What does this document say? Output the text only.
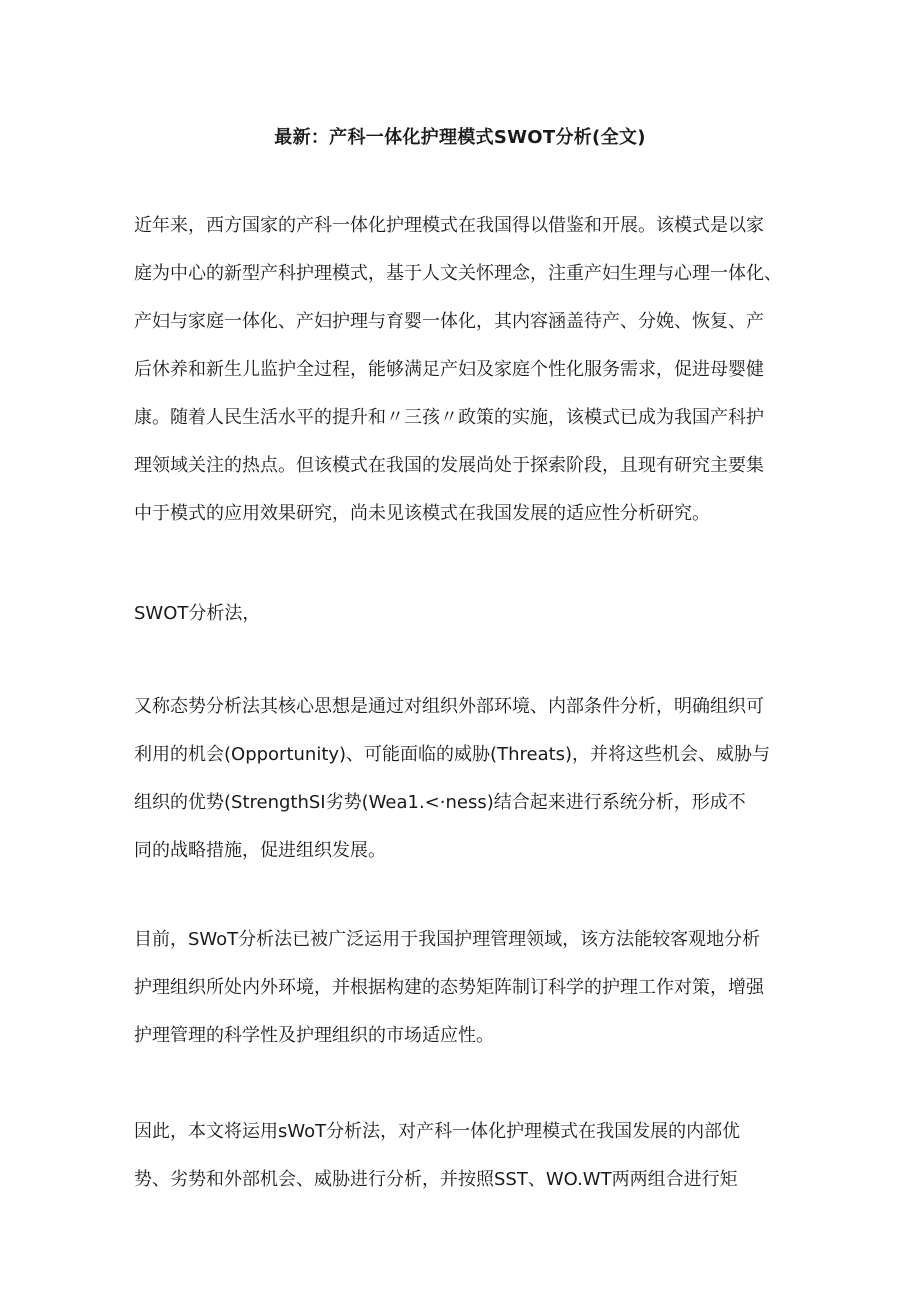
最新：产科一体化护理模式SWOT分析(全文)

近年来，西方国家的产科一体化护理模式在我国得以借鉴和开展。该模式是以家
庭为中心的新型产科护理模式，基于人文关怀理念，注重产妇生理与心理一体化、
产妇与家庭一体化、产妇护理与育婴一体化，其内容涵盖待产、分娩、恢复、产
后休养和新生儿监护全过程，能够满足产妇及家庭个性化服务需求，促进母婴健
康。随着人民生活水平的提升和〃三孩〃政策的实施，该模式已成为我国产科护
理领域关注的热点。但该模式在我国的发展尚处于探索阶段，且现有研究主要集
中于模式的应用效果研究，尚未见该模式在我国发展的适应性分析研究。

SWOT分析法，

又称态势分析法其核心思想是通过对组织外部环境、内部条件分析，明确组织可
利用的机会(Opportunity)、可能面临的威胁(Threats)，并将这些机会、威胁与
组织的优势(StrengthSI劣势(Wea1.<·ness)结合起来进行系统分析，形成不
同的战略措施，促进组织发展。

目前，SWoT分析法已被广泛运用于我国护理管理领域，该方法能较客观地分析
护理组织所处内外环境，并根据构建的态势矩阵制订科学的护理工作对策，增强
护理管理的科学性及护理组织的市场适应性。

因此，本文将运用sWoT分析法，对产科一体化护理模式在我国发展的内部优
势、劣势和外部机会、威胁进行分析，并按照SST、WO.WT两两组合进行矩
